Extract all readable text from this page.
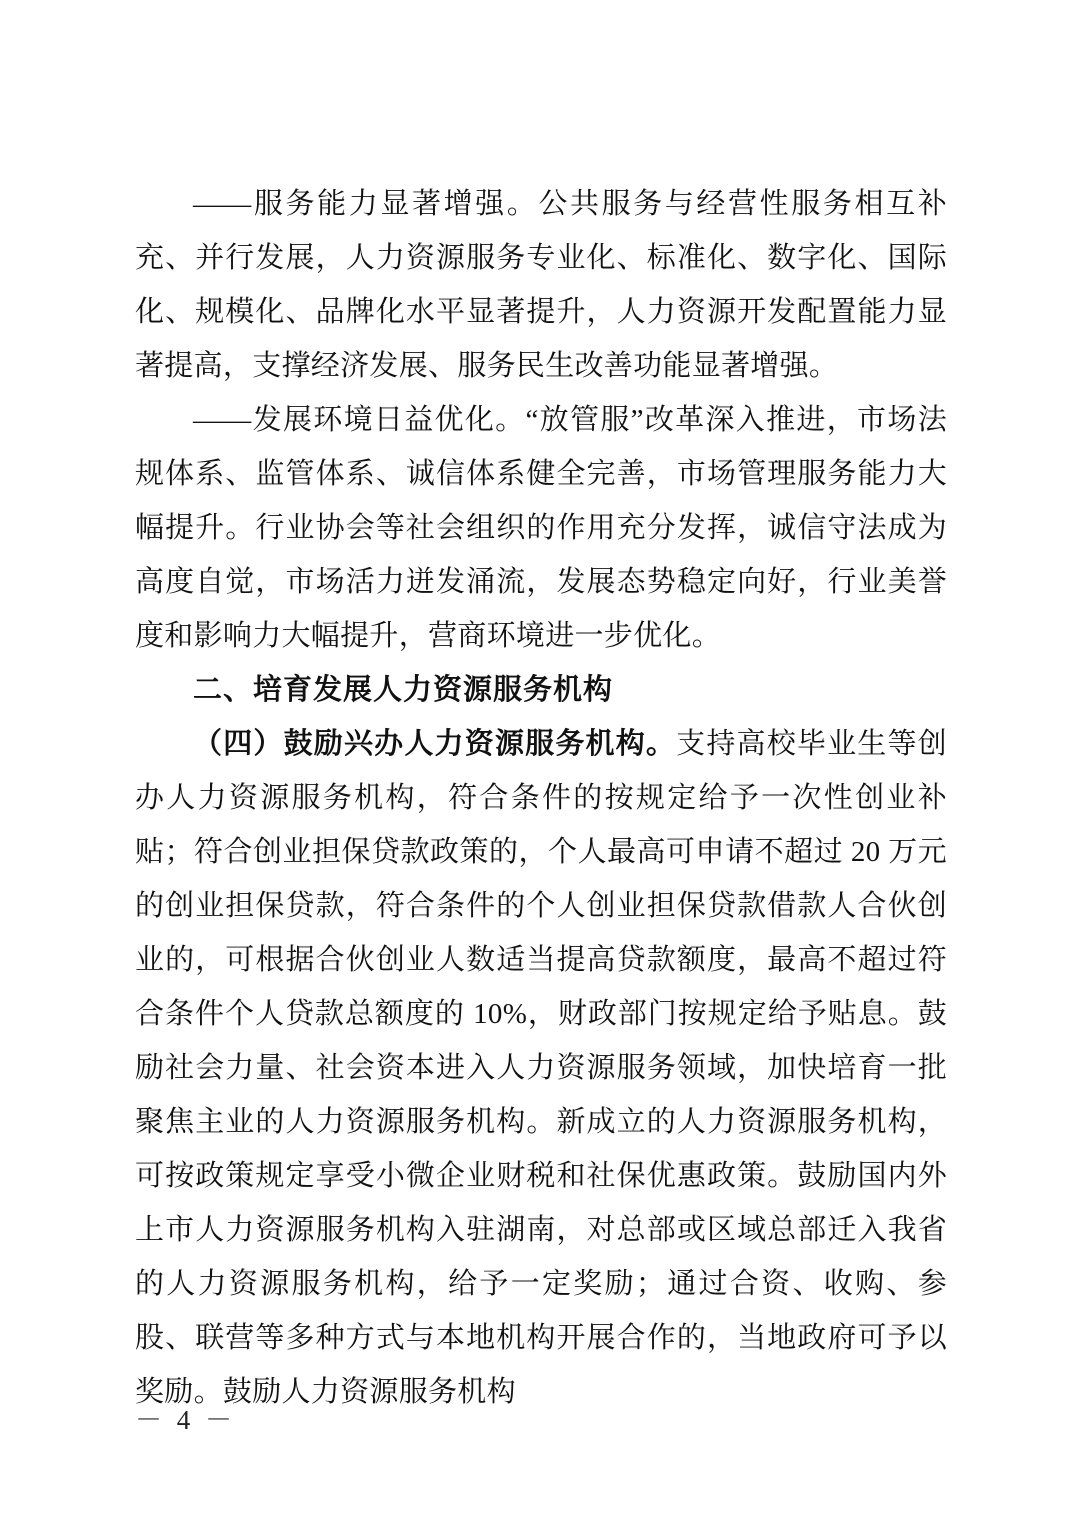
——服务能力显著增强。公共服务与经营性服务相互补充、并行发展，人力资源服务专业化、标准化、数字化、国际化、规模化、品牌化水平显著提升，人力资源开发配置能力显著提高，支撑经济发展、服务民生改善功能显著增强。

——发展环境日益优化。“放管服”改革深入推进，市场法规体系、监管体系、诚信体系健全完善，市场管理服务能力大幅提升。行业协会等社会组织的作用充分发挥，诚信守法成为高度自觉，市场活力迸发涌流，发展态势稳定向好，行业美誉度和影响力大幅提升，营商环境进一步优化。

二、培育发展人力资源服务机构

（四）鼓励兴办人力资源服务机构。支持高校毕业生等创办人力资源服务机构，符合条件的按规定给予一次性创业补贴；符合创业担保贷款政策的，个人最高可申请不超过 20 万元的创业担保贷款，符合条件的个人创业担保贷款借款人合伙创业的，可根据合伙创业人数适当提高贷款额度，最高不超过符合条件个人贷款总额度的 10%，财政部门按规定给予贴息。鼓励社会力量、社会资本进入人力资源服务领域，加快培育一批聚焦主业的人力资源服务机构。新成立的人力资源服务机构，可按政策规定享受小微企业财税和社保优惠政策。鼓励国内外上市人力资源服务机构入驻湖南，对总部或区域总部迁入我省的人力资源服务机构，给予一定奖励；通过合资、收购、参股、联营等多种方式与本地机构开展合作的，当地政府可予以奖励。鼓励人力资源服务机构

－ 4 －
